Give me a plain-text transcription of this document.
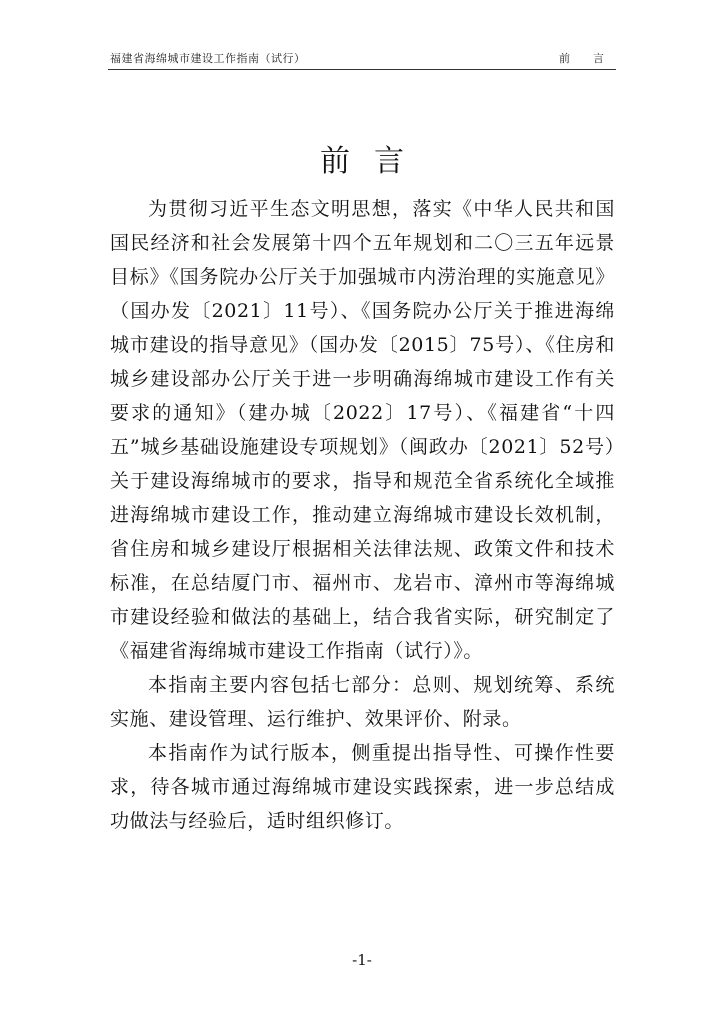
福建省海绵城市建设工作指南（试行）	前　言
前言

为贯彻习近平生态文明思想，落实《中华人民共和国国民经济和社会发展第十四个五年规划和二〇三五年远景目标》《国务院办公厅关于加强城市内涝治理的实施意见》（国办发〔2021〕11号）、《国务院办公厅关于推进海绵城市建设的指导意见》（国办发〔2015〕75号）、《住房和城乡建设部办公厅关于进一步明确海绵城市建设工作有关要求的通知》（建办城〔2022〕17号）、《福建省“十四五”城乡基础设施建设专项规划》（闽政办〔2021〕52号）关于建设海绵城市的要求，指导和规范全省系统化全域推进海绵城市建设工作，推动建立海绵城市建设长效机制，省住房和城乡建设厅根据相关法律法规、政策文件和技术标准，在总结厦门市、福州市、龙岩市、漳州市等海绵城市建设经验和做法的基础上，结合我省实际，研究制定了《福建省海绵城市建设工作指南（试行）》。

本指南主要内容包括七部分：总则、规划统筹、系统实施、建设管理、运行维护、效果评价、附录。

本指南作为试行版本，侧重提出指导性、可操作性要求，待各城市通过海绵城市建设实践探索，进一步总结成功做法与经验后，适时组织修订。

-1-
